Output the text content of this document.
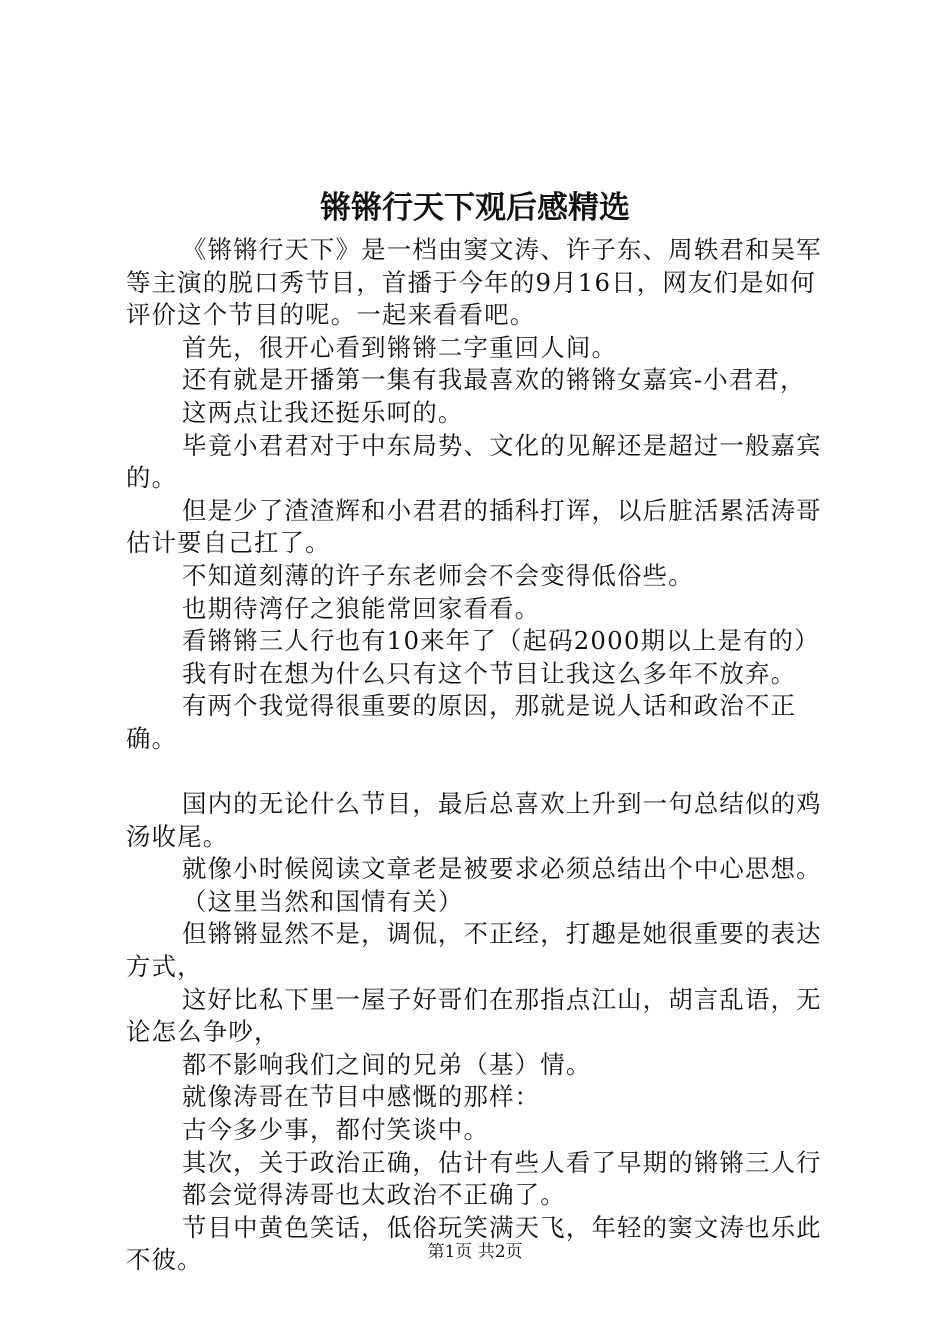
锵锵行天下观后感精选

《锵锵行天下》是一档由窦文涛、许子东、周轶君和吴军等主演的脱口秀节目，首播于今年的9月16日，网友们是如何评价这个节目的呢。一起来看看吧。

首先，很开心看到锵锵二字重回人间。

还有就是开播第一集有我最喜欢的锵锵女嘉宾-小君君，

这两点让我还挺乐呵的。

毕竟小君君对于中东局势、文化的见解还是超过一般嘉宾的。

但是少了渣渣辉和小君君的插科打诨，以后脏活累活涛哥估计要自己扛了。

不知道刻薄的许子东老师会不会变得低俗些。

也期待湾仔之狼能常回家看看。

看锵锵三人行也有10来年了（起码2000期以上是有的）

我有时在想为什么只有这个节目让我这么多年不放弃。

有两个我觉得很重要的原因，那就是说人话和政治不正确。

国内的无论什么节目，最后总喜欢上升到一句总结似的鸡汤收尾。

就像小时候阅读文章老是被要求必须总结出个中心思想。

（这里当然和国情有关）

但锵锵显然不是，调侃，不正经，打趣是她很重要的表达方式，

这好比私下里一屋子好哥们在那指点江山，胡言乱语，无论怎么争吵，

都不影响我们之间的兄弟（基）情。

就像涛哥在节目中感慨的那样：

古今多少事，都付笑谈中。

其次，关于政治正确，估计有些人看了早期的锵锵三人行

都会觉得涛哥也太政治不正确了。

节目中黄色笑话，低俗玩笑满天飞，年轻的窦文涛也乐此不彼。	第1页 共2页
